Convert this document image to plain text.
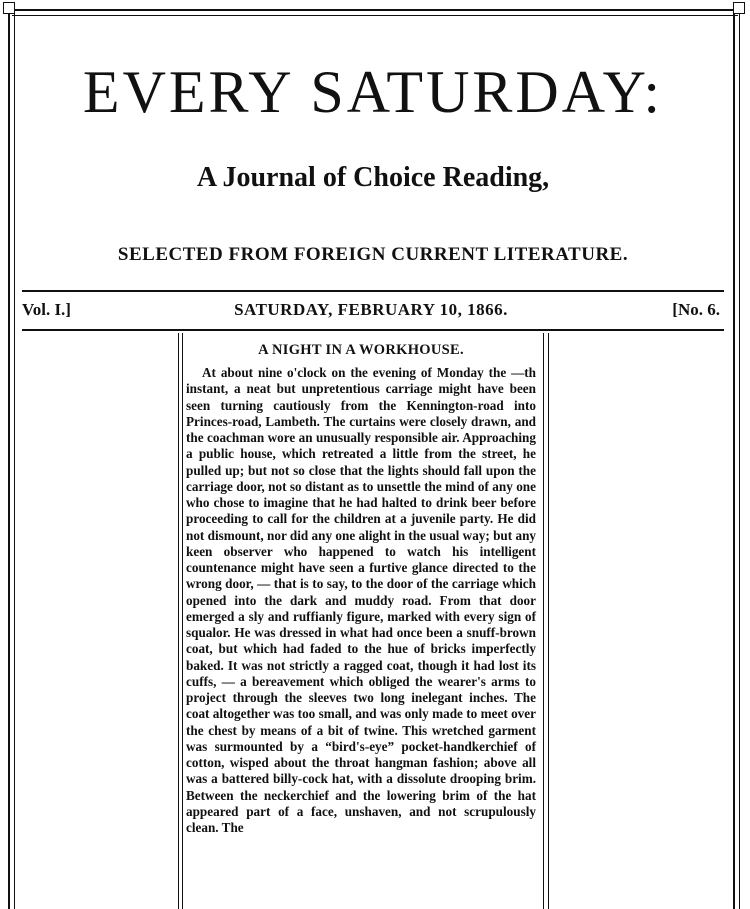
EVERY SATURDAY:
A Journal of Choice Reading,
SELECTED FROM FOREIGN CURRENT LITERATURE.
Vol. I.]	SATURDAY, FEBRUARY 10, 1866.	[No. 6.
A NIGHT IN A WORKHOUSE.

At about nine o'clock on the evening of Monday the —th instant, a neat but unpretentious carriage might have been seen turning cautiously from the Kennington-road into Princes-road, Lambeth. The curtains were closely drawn, and the coachman wore an unusually responsible air. Approaching a public house, which retreated a little from the street, he pulled up; but not so close that the lights should fall upon the carriage door, not so distant as to unsettle the mind of any one who chose to imagine that he had halted to drink beer before proceeding to call for the children at a juvenile party. He did not dismount, nor did any one alight in the usual way; but any keen observer who happened to watch his intelligent countenance might have seen a furtive glance directed to the wrong door, — that is to say, to the door of the carriage which opened into the dark and muddy road. From that door emerged a sly and ruffianly figure, marked with every sign of squalor. He was dressed in what had once been a snuff-brown coat, but which had faded to the hue of bricks imperfectly baked. It was not strictly a ragged coat, though it had lost its cuffs, — a bereavement which obliged the wearer's arms to project through the sleeves two long inelegant inches. The coat altogether was too small, and was only made to meet over the chest by means of a bit of twine. This wretched garment was surmounted by a “bird's-eye” pocket-handkerchief of cotton, wisped about the throat hangman fashion; above all was a battered billy-cock hat, with a dissolute drooping brim. Between the neckerchief and the lowering brim of the hat appeared part of a face, unshaven, and not scrupulously clean. The
